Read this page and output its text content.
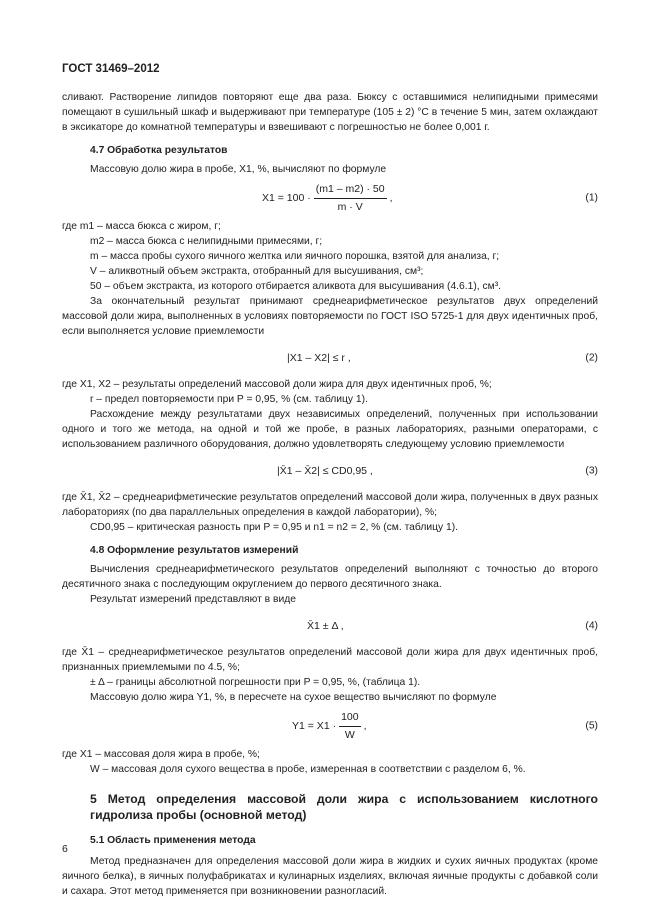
ГОСТ 31469–2012

сливают. Растворение липидов повторяют еще два раза. Бюксу с оставшимися нелипидными примесями помещают в сушильный шкаф и выдерживают при температуре (105 ± 2) °С в течение 5 мин, затем охлаждают в эксикаторе до комнатной температуры и взвешивают с погрешностью не более 0,001 г.

4.7 Обработка результатов

Массовую долю жира в пробе, X1, %, вычисляют по формуле

$X1 = 100 \cdot \frac{(m1 - m2) \cdot 50}{m \cdot V}$ ,	(1)

где m1 – масса бюкса с жиром, г;

m2 – масса бюкса с нелипидными примесями, г;

m – масса пробы сухого яичного желтка или яичного порошка, взятой для анализа, г;

V – аликвотный объем экстракта, отобранный для высушивания, см³;

50 – объем экстракта, из которого отбирается аликвота для высушивания (4.6.1), см³.

За окончательный результат принимают среднеарифметическое результатов двух определений массовой доли жира, выполненных в условиях повторяемости по ГОСТ ISO 5725-1 для двух идентичных проб, если выполняется условие приемлемости

|X1 – X2| ≤ r ,	(2)

где X1, X2 – результаты определений массовой доли жира для двух идентичных проб, %;

r – предел повторяемости при P = 0,95, % (см. таблицу 1).

Расхождение между результатами двух независимых определений, полученных при использовании одного и того же метода, на одной и той же пробе, в разных лабораториях, разными операторами, с использованием различного оборудования, должно удовлетворять следующему условию приемлемости

|X̄1 – X̄2| ≤ CD0,95 ,	(3)

где X̄1, X̄2 – среднеарифметические результатов определений массовой доли жира, полученных в двух разных лабораториях (по два параллельных определения в каждой лаборатории), %;

CD0,95 – критическая разность при P = 0,95 и n1 = n2 = 2, % (см. таблицу 1).

4.8 Оформление результатов измерений

Вычисления среднеарифметического результатов определений выполняют с точностью до второго десятичного знака с последующим округлением до первого десятичного знака.

Результат измерений представляют в виде

X̄1 ± Δ ,	(4)

где X̄1 – среднеарифметическое результатов определений массовой доли жира для двух идентичных проб, признанных приемлемыми по 4.5, %;

± Δ – границы абсолютной погрешности при P = 0,95, %, (таблица 1).

Массовую долю жира Y1, %, в пересчете на сухое вещество вычисляют по формуле

$Y1 = X1 \cdot \frac{100}{W}$ ,	(5)

где X1 – массовая доля жира в пробе, %;

W – массовая доля сухого вещества в пробе, измеренная в соответствии с разделом 6, %.

5 Метод определения массовой доли жира с использованием кислотного гидролиза пробы (основной метод)

5.1 Область применения метода

Метод предназначен для определения массовой доли жира в жидких и сухих яичных продуктах (кроме яичного белка), в яичных полуфабрикатах и кулинарных изделиях, включая яичные продукты с добавкой соли и сахара. Этот метод применяется при возникновении разногласий.

6
